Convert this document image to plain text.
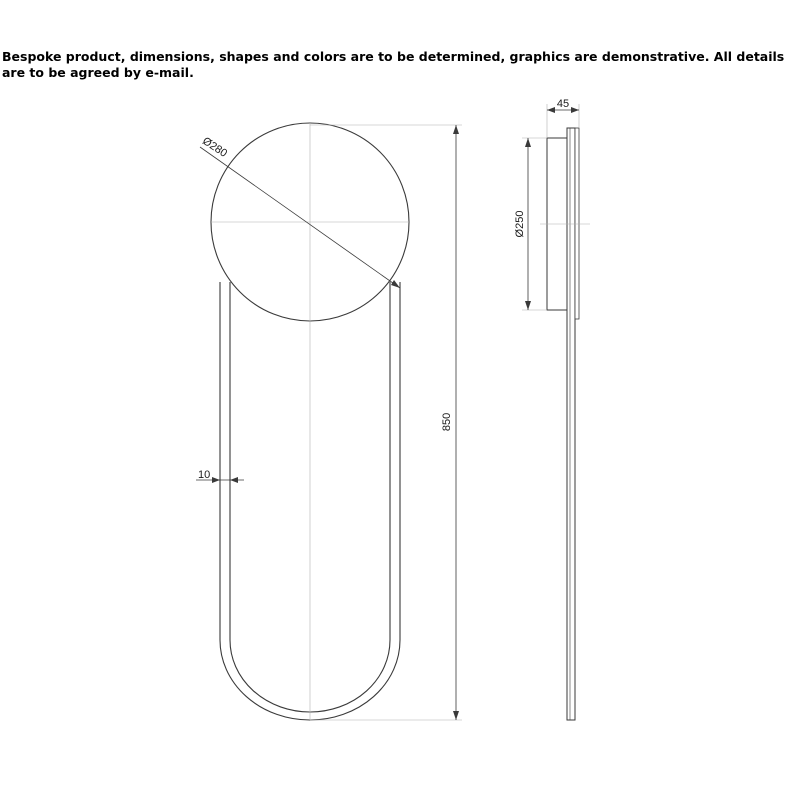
Bespoke product, dimensions, shapes and colors are to be determined, graphics are demonstrative. All details are to be agreed by e-mail.

Ø280
850
10
45
Ø250
